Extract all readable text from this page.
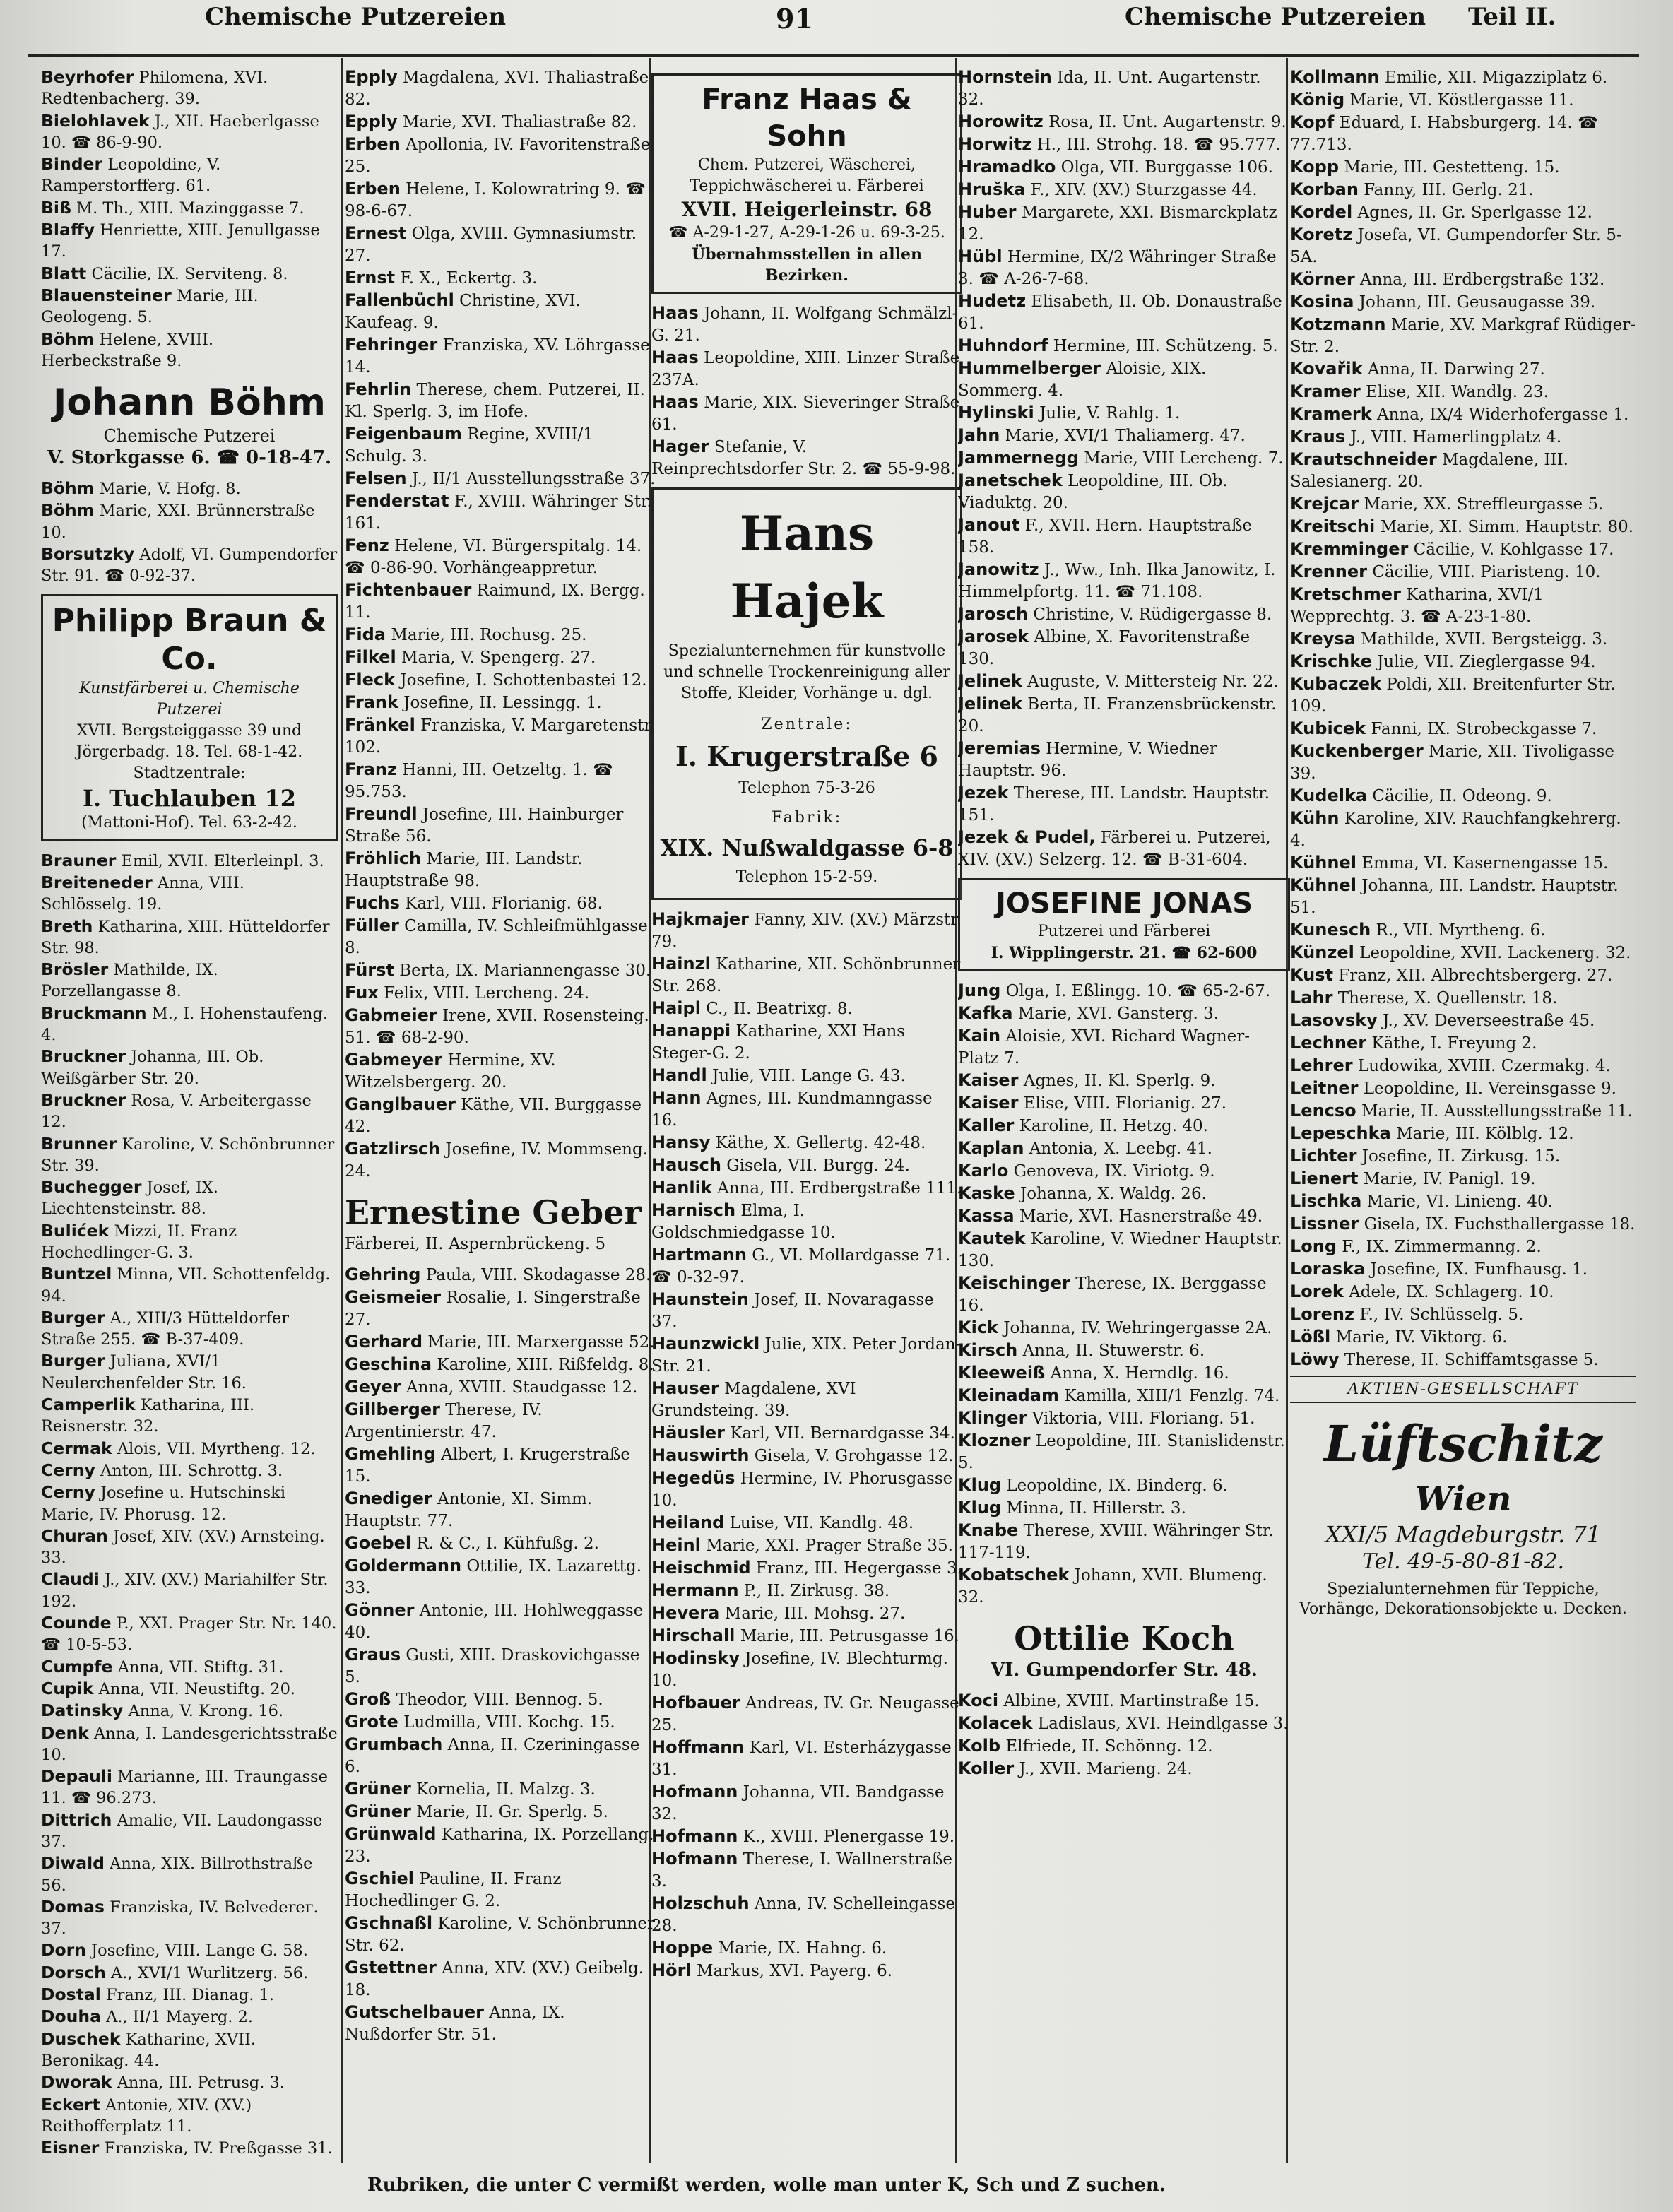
Chemische Putzereien	91	Chemische Putzereien Teil II.
Beyrhofer Philomena, XVI. Redtenbacherg. 39.
Bielohlavek J., XII. Haeberlgasse 10. ☎ 86-9-90.
Binder Leopoldine, V. Ramperstorfferg. 61.
Biß M. Th., XIII. Mazinggasse 7.
Blaffy Henriette, XIII. Jenullgasse 17.
Blatt Cäcilie, IX. Serviteng. 8.
Blauensteiner Marie, III. Geologeng. 5.
Böhm Helene, XVIII. Herbeckstraße 9.
Johann Böhm
Chemische Putzerei
V. Storkgasse 6. ☎ 0-18-47.
Böhm Marie, V. Hofg. 8.
Böhm Marie, XXI. Brünnerstraße 10.
Borsutzky Adolf, VI. Gumpendorfer Str. 91. ☎ 0-92-37.
Philipp Braun & Co.
Kunstfärberei u. Chemische Putzerei
XVII. Bergsteiggasse 39 und Jörgerbadg. 18. Tel. 68-1-42.
Stadtzentrale:
I. Tuchlauben 12
(Mattoni-Hof). Tel. 63-2-42.
Brauner Emil, XVII. Elterleinpl. 3.
Breiteneder Anna, VIII. Schlösselg. 19.
Breth Katharina, XIII. Hütteldorfer Str. 98.
Brösler Mathilde, IX. Porzellangasse 8.
Bruckmann M., I. Hohenstaufeng. 4.
Bruckner Johanna, III. Ob. Weißgärber Str. 20.
Bruckner Rosa, V. Arbeitergasse 12.
Brunner Karoline, V. Schönbrunner Str. 39.
Buchegger Josef, IX. Liechtensteinstr. 88.
Bulićek Mizzi, II. Franz Hochedlinger-G. 3.
Buntzel Minna, VII. Schottenfeldg. 94.
Burger A., XIII/3 Hütteldorfer Straße 255. ☎ B-37-409.
Burger Juliana, XVI/1 Neulerchenfelder Str. 16.
Camperlik Katharina, III. Reisnerstr. 32.
Cermak Alois, VII. Myrtheng. 12.
Cerny Anton, III. Schrottg. 3.
Cerny Josefine u. Hutschinski Marie, IV. Phorusg. 12.
Churan Josef, XIV. (XV.) Arnsteing. 33.
Claudi J., XIV. (XV.) Mariahilfer Str. 192.
Counde P., XXI. Prager Str. Nr. 140. ☎ 10-5-53.
Cumpfe Anna, VII. Stiftg. 31.
Cupik Anna, VII. Neustiftg. 20.
Datinsky Anna, V. Krong. 16.
Denk Anna, I. Landesgerichtsstraße 10.
Depauli Marianne, III. Traungasse 11. ☎ 96.273.
Dittrich Amalie, VII. Laudongasse 37.
Diwald Anna, XIX. Billrothstraße 56.
Domas Franziska, IV. Belvederег. 37.
Dorn Josefine, VIII. Lange G. 58.
Dorsch A., XVI/1 Wurlitzerg. 56.
Dostal Franz, III. Dianag. 1.
Douha A., II/1 Mayerg. 2.
Duschek Katharine, XVII. Beronikag. 44.
Dworak Anna, III. Petrusg. 3.
Eckert Antonie, XIV. (XV.) Reithofferplatz 11.
Eisner Franziska, IV. Preßgasse 31.
Epply Magdalena, XVI. Thaliastraße 82.
Epply Marie, XVI. Thaliastraße 82.
Erben Apollonia, IV. Favoritenstraße 25.
Erben Helene, I. Kolowratring 9. ☎ 98-6-67.
Ernest Olga, XVIII. Gymnasiumstr. 27.
Ernst F. X., Eckertg. 3.
Fallenbüchl Christine, XVI. Kaufeag. 9.
Fehringer Franziska, XV. Löhrgasse 14.
Fehrlin Therese, chem. Putzerei, II. Kl. Sperlg. 3, im Hofe.
Feigenbaum Regine, XVIII/1 Schulg. 3.
Felsen J., II/1 Ausstellungsstraße 37.
Fenderstat F., XVIII. Währinger Str. 161.
Fenz Helene, VI. Bürgerspitalg. 14. ☎ 0-86-90. Vorhängeappretur.
Fichtenbauer Raimund, IX. Bergg. 11.
Fida Marie, III. Rochusg. 25.
Filkel Maria, V. Spengerg. 27.
Fleck Josefine, I. Schottenbastei 12.
Frank Josefine, II. Lessingg. 1.
Fränkel Franziska, V. Margaretenstr. 102.
Franz Hanni, III. Oetzeltg. 1. ☎ 95.753.
Freundl Josefine, III. Hainburger Straße 56.
Fröhlich Marie, III. Landstr. Hauptstraße 98.
Fuchs Karl, VIII. Florianig. 68.
Füller Camilla, IV. Schleifmühlgasse 8.
Fürst Berta, IX. Mariannengasse 30.
Fux Felix, VIII. Lercheng. 24.
Gabmeier Irene, XVII. Rosensteing. 51. ☎ 68-2-90.
Gabmeyer Hermine, XV. Witzelsbergerg. 20.
Ganglbauer Käthe, VII. Burggasse 42.
Gatzlirsch Josefine, IV. Mommseng. 24.
Ernestine Geber
Färberei, II. Aspernbrückeng. 5
Gehring Paula, VIII. Skodagasse 28.
Geismeier Rosalie, I. Singerstraße 27.
Gerhard Marie, III. Marxergasse 52.
Geschina Karoline, XIII. Rißfeldg. 8.
Geyer Anna, XVIII. Staudgasse 12.
Gillberger Therese, IV. Argentinierstr. 47.
Gmehling Albert, I. Krugerstraße 15.
Gnediger Antonie, XI. Simm. Hauptstr. 77.
Goebel R. & C., I. Kühfußg. 2.
Goldermann Ottilie, IX. Lazarettg. 33.
Gönner Antonie, III. Hohlweggasse 40.
Graus Gusti, XIII. Draskovichgasse 5.
Groß Theodor, VIII. Bennog. 5.
Grote Ludmilla, VIII. Kochg. 15.
Grumbach Anna, II. Czeriningasse 6.
Grüner Kornelia, II. Malzg. 3.
Grüner Marie, II. Gr. Sperlg. 5.
Grünwald Katharina, IX. Porzellang. 23.
Gschiel Pauline, II. Franz Hochedlinger G. 2.
Gschnaßl Karoline, V. Schönbrunner Str. 62.
Gstettner Anna, XIV. (XV.) Geibelg. 18.
Gutschelbauer Anna, IX. Nußdorfer Str. 51.
Franz Haas & Sohn
Chem. Putzerei, Wäscherei, Teppichwäscherei u. Färberei
XVII. Heigerleinstr. 68
☎ A-29-1-27, A-29-1-26 u. 69-3-25.
Übernahmsstellen in allen Bezirken.
Haas Johann, II. Wolfgang Schmälzl-G. 21.
Haas Leopoldine, XIII. Linzer Straße 237A.
Haas Marie, XIX. Sieveringer Straße 61.
Hager Stefanie, V. Reinprechtsdorfer Str. 2. ☎ 55-9-98.
Hans Hajek
Spezialunternehmen für kunstvolle und schnelle Trockenreinigung aller Stoffe, Kleider, Vorhänge u. dgl.
Zentrale:
I. Krugerstraße 6
Telephon 75-3-26
Fabrik:
XIX. Nußwaldgasse 6-8
Telephon 15-2-59.
Hajkmajer Fanny, XIV. (XV.) Märzstr. 79.
Hainzl Katharine, XII. Schönbrunner Str. 268.
Haipl C., II. Beatrixg. 8.
Hanappi Katharine, XXI Hans Steger-G. 2.
Handl Julie, VIII. Lange G. 43.
Hann Agnes, III. Kundmanngasse 16.
Hansy Käthe, X. Gellertg. 42-48.
Hausch Gisela, VII. Burgg. 24.
Hanlik Anna, III. Erdbergstraße 111.
Harnisch Elma, I. Goldschmiedgasse 10.
Hartmann G., VI. Mollardgasse 71. ☎ 0-32-97.
Haunstein Josef, II. Novaragasse 37.
Haunzwickl Julie, XIX. Peter Jordan-Str. 21.
Hauser Magdalene, XVI Grundsteing. 39.
Häusler Karl, VII. Bernardgasse 34.
Hauswirth Gisela, V. Grohgasse 12.
Hegedüs Hermine, IV. Phorusgasse 10.
Heiland Luise, VII. Kandlg. 48.
Heinl Marie, XXI. Prager Straße 35.
Heischmid Franz, III. Hegergasse 3.
Hermann P., II. Zirkusg. 38.
Hevera Marie, III. Mohsg. 27.
Hirschall Marie, III. Petrusgasse 16.
Hodinsky Josefine, IV. Blechturmg. 10.
Hofbauer Andreas, IV. Gr. Neugasse 25.
Hoffmann Karl, VI. Esterházygasse 31.
Hofmann Johanna, VII. Bandgasse 32.
Hofmann K., XVIII. Plenergasse 19.
Hofmann Therese, I. Wallnerstraße 3.
Holzschuh Anna, IV. Schelleingasse 28.
Hoppe Marie, IX. Hahng. 6.
Hörl Markus, XVI. Payerg. 6.
Hornstein Ida, II. Unt. Augartenstr. 32.
Horowitz Rosa, II. Unt. Augartenstr. 9.
Horwitz H., III. Strohg. 18. ☎ 95.777.
Hramadko Olga, VII. Burggasse 106.
Hruška F., XIV. (XV.) Sturzgasse 44.
Huber Margarete, XXI. Bismarckplatz 12.
Hübl Hermine, IX/2 Währinger Straße 3. ☎ A-26-7-68.
Hudetz Elisabeth, II. Ob. Donaustraße 61.
Huhndorf Hermine, III. Schützeng. 5.
Hummelberger Aloisie, XIX. Sommerg. 4.
Hylinski Julie, V. Rahlg. 1.
Jahn Marie, XVI/1 Thaliamerg. 47.
Jammernegg Marie, VIII Lercheng. 7.
Janetschek Leopoldine, III. Ob. Viaduktg. 20.
Janout F., XVII. Hern. Hauptstraße 158.
Janowitz J., Ww., Inh. Ilka Janowitz, I. Himmelpfortg. 11. ☎ 71.108.
Jarosch Christine, V. Rüdigergasse 8.
Jarosek Albine, X. Favoritenstraße 130.
Jelinek Auguste, V. Mittersteig Nr. 22.
Jelinek Berta, II. Franzensbrückenstr. 20.
Jeremias Hermine, V. Wiedner Hauptstr. 96.
Jezek Therese, III. Landstr. Hauptstr. 151.
Jezek & Pudel, Färberei u. Putzerei, XIV. (XV.) Selzerg. 12. ☎ B-31-604.
JOSEFINE JONAS
Putzerei und Färberei
I. Wipplingerstr. 21. ☎ 62-600
Jung Olga, I. Eßlingg. 10. ☎ 65-2-67.
Kafka Marie, XVI. Gansterg. 3.
Kain Aloisie, XVI. Richard Wagner-Platz 7.
Kaiser Agnes, II. Kl. Sperlg. 9.
Kaiser Elise, VIII. Florianig. 27.
Kaller Karoline, II. Hetzg. 40.
Kaplan Antonia, X. Leebg. 41.
Karlo Genoveva, IX. Viriotg. 9.
Kaske Johanna, X. Waldg. 26.
Kassa Marie, XVI. Hasnerstraße 49.
Kautek Karoline, V. Wiedner Hauptstr. 130.
Keischinger Therese, IX. Berggasse 16.
Kick Johanna, IV. Wehringergasse 2A.
Kirsch Anna, II. Stuwerstr. 6.
Kleeweiß Anna, X. Herndlg. 16.
Kleinadam Kamilla, XIII/1 Fenzlg. 74.
Klinger Viktoria, VIII. Floriang. 51.
Klozner Leopoldine, III. Stanislidenstr. 5.
Klug Leopoldine, IX. Binderg. 6.
Klug Minna, II. Hillerstr. 3.
Knabe Therese, XVIII. Währinger Str. 117-119.
Kobatschek Johann, XVII. Blumeng. 32.
Ottilie Koch
VI. Gumpendorfer Str. 48.
Koci Albine, XVIII. Martinstraße 15.
Kolacek Ladislaus, XVI. Heindlgasse 3.
Kolb Elfriede, II. Schönng. 12.
Koller J., XVII. Marieng. 24.
Kollmann Emilie, XII. Migazziplatz 6.
König Marie, VI. Köstlergasse 11.
Kopf Eduard, I. Habsburgerg. 14. ☎ 77.713.
Kopp Marie, III. Gestetteng. 15.
Korban Fanny, III. Gerlg. 21.
Kordel Agnes, II. Gr. Sperlgasse 12.
Koretz Josefa, VI. Gumpendorfer Str. 5-5A.
Körner Anna, III. Erdbergstraße 132.
Kosina Johann, III. Geusaugasse 39.
Kotzmann Marie, XV. Markgraf Rüdiger-Str. 2.
Kovařik Anna, II. Darwing 27.
Kramer Elise, XII. Wandlg. 23.
Kramerk Anna, IX/4 Widerhofergasse 1.
Kraus J., VIII. Hamerlingplatz 4.
Krautschneider Magdalene, III. Salesianerg. 20.
Krejcar Marie, XX. Streffleurgasse 5.
Kreitschi Marie, XI. Simm. Hauptstr. 80.
Kremminger Cäcilie, V. Kohlgasse 17.
Krenner Cäcilie, VIII. Piaristeng. 10.
Kretschmer Katharina, XVI/1 Wepprechtg. 3. ☎ A-23-1-80.
Kreysa Mathilde, XVII. Bergsteigg. 3.
Krischke Julie, VII. Zieglergasse 94.
Kubaczek Poldi, XII. Breitenfurter Str. 109.
Kubicek Fanni, IX. Strobeckgasse 7.
Kuckenberger Marie, XII. Tivoligasse 39.
Kudelka Cäcilie, II. Odeong. 9.
Kühn Karoline, XIV. Rauchfangkehrerg. 4.
Kühnel Emma, VI. Kasernengasse 15.
Kühnel Johanna, III. Landstr. Hauptstr. 51.
Kunesch R., VII. Myrtheng. 6.
Künzel Leopoldine, XVII. Lackenerg. 32.
Kust Franz, XII. Albrechtsbergerg. 27.
Lahr Therese, X. Quellenstr. 18.
Lasovsky J., XV. Deverseestraße 45.
Lechner Käthe, I. Freyung 2.
Lehrer Ludowika, XVIII. Czermakg. 4.
Leitner Leopoldine, II. Vereinsgasse 9.
Lencso Marie, II. Ausstellungsstraße 11.
Lepeschka Marie, III. Kölblg. 12.
Lichter Josefine, II. Zirkusg. 15.
Lienert Marie, IV. Panigl. 19.
Lischka Marie, VI. Linieng. 40.
Lissner Gisela, IX. Fuchsthallergasse 18.
Long F., IX. Zimmermanng. 2.
Loraska Josefine, IX. Funfhausg. 1.
Lorek Adele, IX. Schlagerg. 10.
Lorenz F., IV. Schlüsselg. 5.
Lößl Marie, IV. Viktorg. 6.
Löwy Therese, II. Schiffamtsgasse 5.
AKTIEN-GESELLSCHAFT
Lüftschitz
Wien
XXI/5 Magdeburgstr. 71
Tel. 49-5-80-81-82.
Spezialunternehmen für Teppiche, Vorhänge, Dekorationsobjekte u. Decken.
Rubriken, die unter C vermißt werden, wolle man unter K, Sch und Z suchen.
